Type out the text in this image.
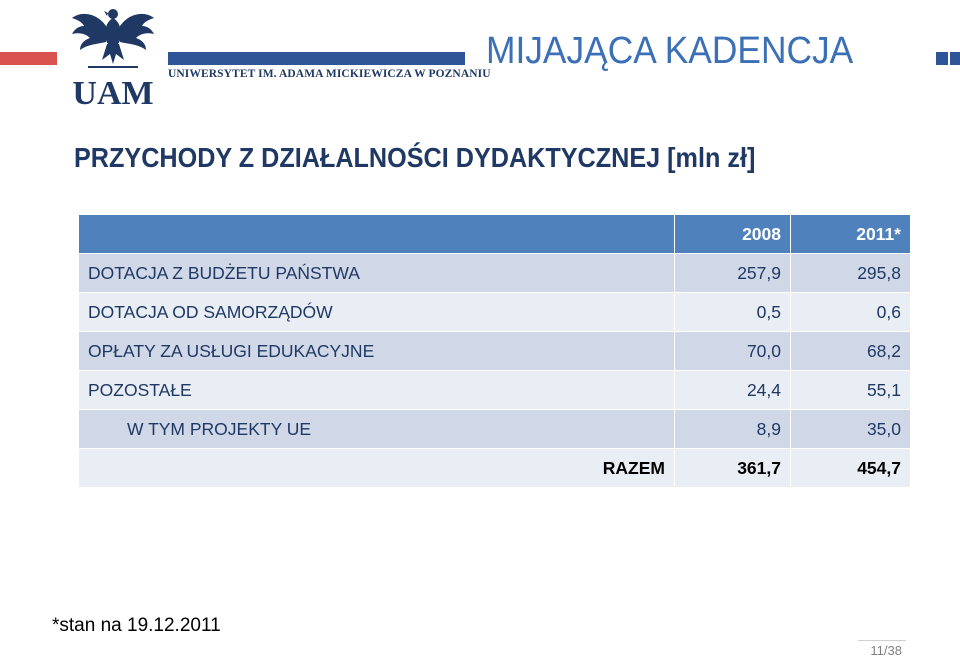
UAM
UNIWERSYTET IM. ADAMA MICKIEWICZA W POZNANIU
MIJAJĄCA KADENCJA
PRZYCHODY Z DZIAŁALNOŚCI DYDAKTYCZNEJ [mln zł]
	2008	2011*
DOTACJA Z BUDŻETU PAŃSTWA	257,9	295,8
DOTACJA OD SAMORZĄDÓW	0,5	0,6
OPŁATY ZA USŁUGI EDUKACYJNE	70,0	68,2
POZOSTAŁE	24,4	55,1
W TYM PROJEKTY UE	8,9	35,0
RAZEM	361,7	454,7
*stan na 19.12.2011
11/38
